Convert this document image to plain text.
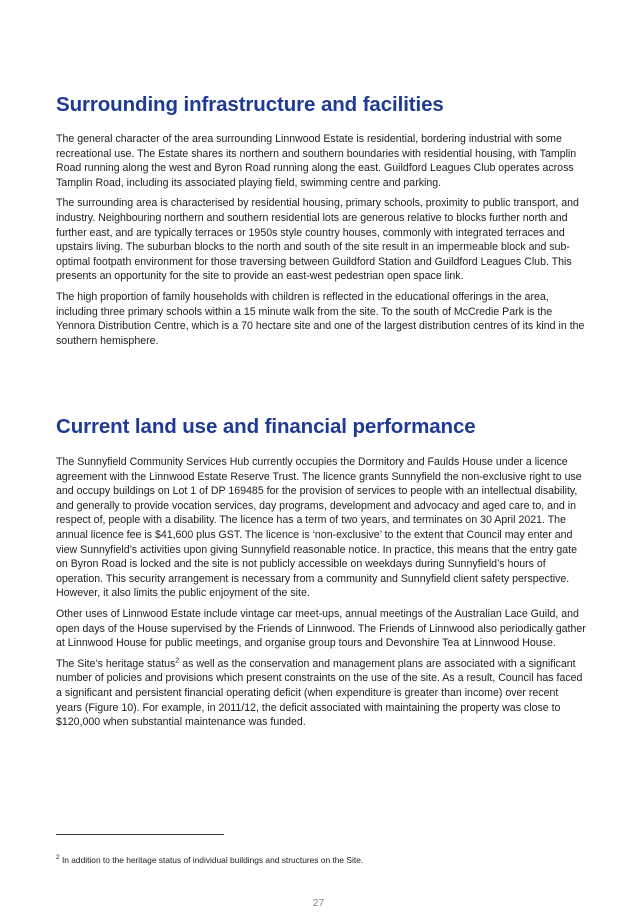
Surrounding infrastructure and facilities

The general character of the area surrounding Linnwood Estate is residential, bordering industrial with some recreational use. The Estate shares its northern and southern boundaries with residential housing, with Tamplin Road running along the west and Byron Road running along the east. Guildford Leagues Club operates across Tamplin Road, including its associated playing field, swimming centre and parking.

The surrounding area is characterised by residential housing, primary schools, proximity to public transport, and industry. Neighbouring northern and southern residential lots are generous relative to blocks further north and further east, and are typically terraces or 1950s style country houses, commonly with integrated terraces and upstairs living. The suburban blocks to the north and south of the site result in an impermeable block and sub-optimal footpath environment for those traversing between Guildford Station and Guildford Leagues Club. This presents an opportunity for the site to provide an east-west pedestrian open space link.

The high proportion of family households with children is reflected in the educational offerings in the area, including three primary schools within a 15 minute walk from the site. To the south of McCredie Park is the Yennora Distribution Centre, which is a 70 hectare site and one of the largest distribution centres of its kind in the southern hemisphere.

Current land use and financial performance

The Sunnyfield Community Services Hub currently occupies the Dormitory and Faulds House under a licence agreement with the Linnwood Estate Reserve Trust. The licence grants Sunnyfield the non-exclusive right to use and occupy buildings on Lot 1 of DP 169485 for the provision of services to people with an intellectual disability, and generally to provide vocation services, day programs, development and advocacy and aged care to, and in respect of, people with a disability. The licence has a term of two years, and terminates on 30 April 2021. The annual licence fee is $41,600 plus GST. The licence is ‘non-exclusive’ to the extent that Council may enter and view Sunnyfield’s activities upon giving Sunnyfield reasonable notice. In practice, this means that the entry gate on Byron Road is locked and the site is not publicly accessible on weekdays during Sunnyfield’s hours of operation. This security arrangement is necessary from a community and Sunnyfield client safety perspective. However, it also limits the public enjoyment of the site.

Other uses of Linnwood Estate include vintage car meet-ups, annual meetings of the Australian Lace Guild, and open days of the House supervised by the Friends of Linnwood. The Friends of Linnwood also periodically gather at Linnwood House for public meetings, and organise group tours and Devonshire Tea at Linnwood House.

The Site’s heritage status$^2$ as well as the conservation and management plans are associated with a significant number of policies and provisions which present constraints on the use of the site. As a result, Council has faced a significant and persistent financial operating deficit (when expenditure is greater than income) over recent years (Figure 10). For example, in 2011/12, the deficit associated with maintaining the property was close to $120,000 when substantial maintenance was funded.

$^2$ In addition to the heritage status of individual buildings and structures on the Site.
27
